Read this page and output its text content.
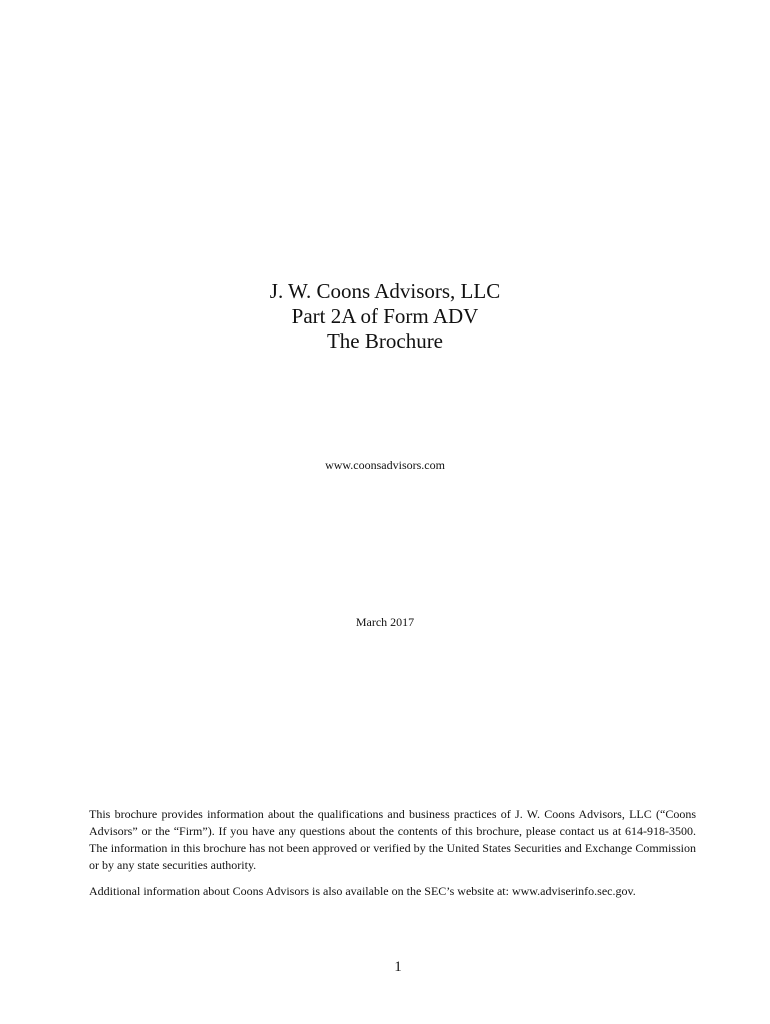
J. W. Coons Advisors, LLC

Part 2A of Form ADV

The Brochure

www.coonsadvisors.com
March 2017

This brochure provides information about the qualifications and business practices of J. W. Coons Advisors, LLC (“Coons Advisors” or the “Firm”). If you have any questions about the contents of this brochure, please contact us at 614-918-3500. The information in this brochure has not been approved or verified by the United States Securities and Exchange Commission or by any state securities authority.

Additional information about Coons Advisors is also available on the SEC’s website at: www.adviserinfo.sec.gov.

1
